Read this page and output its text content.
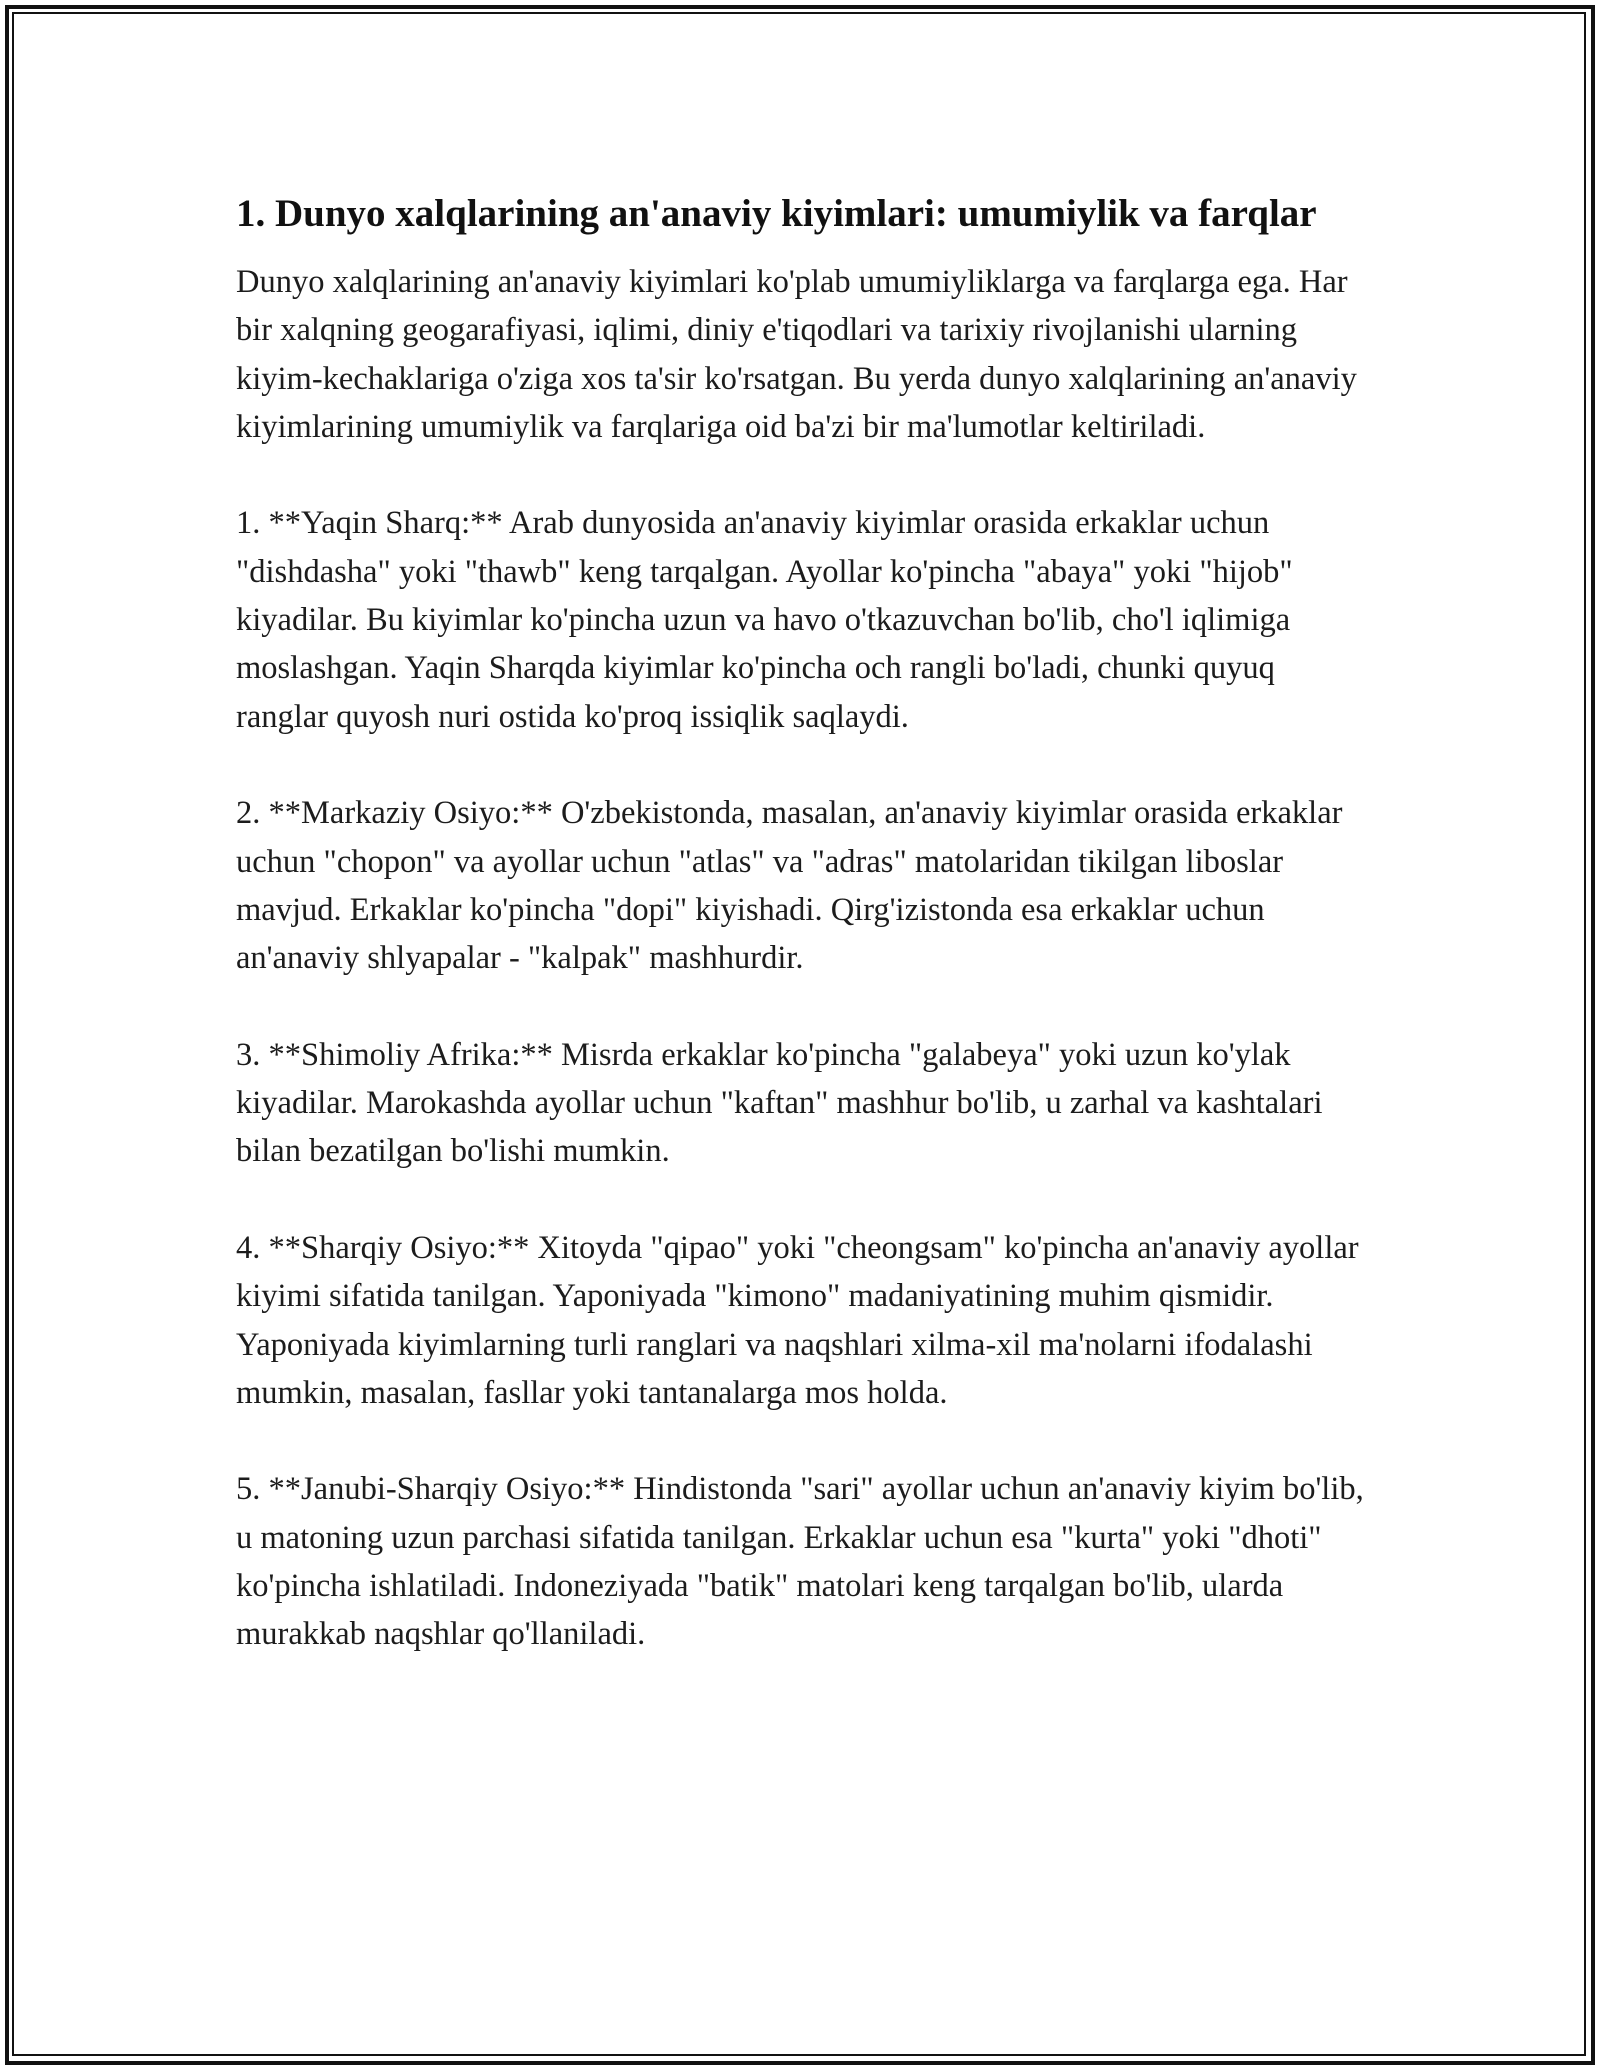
1. Dunyo xalqlarining an'anaviy kiyimlari: umumiylik va farqlar

Dunyo xalqlarining an'anaviy kiyimlari ko'plab umumiyliklarga va farqlarga ega. Har bir xalqning geogarafiyasi, iqlimi, diniy e'tiqodlari va tarixiy rivojlanishi ularning kiyim-kechaklariga o'ziga xos ta'sir ko'rsatgan. Bu yerda dunyo xalqlarining an'anaviy kiyimlarining umumiylik va farqlariga oid ba'zi bir ma'lumotlar keltiriladi.

1. **Yaqin Sharq:** Arab dunyosida an'anaviy kiyimlar orasida erkaklar uchun "dishdasha" yoki "thawb" keng tarqalgan. Ayollar ko'pincha "abaya" yoki "hijob" kiyadilar. Bu kiyimlar ko'pincha uzun va havo o'tkazuvchan bo'lib, cho'l iqlimiga moslashgan. Yaqin Sharqda kiyimlar ko'pincha och rangli bo'ladi, chunki quyuq ranglar quyosh nuri ostida ko'proq issiqlik saqlaydi.

2. **Markaziy Osiyo:** O'zbekistonda, masalan, an'anaviy kiyimlar orasida erkaklar uchun "chopon" va ayollar uchun "atlas" va "adras" matolaridan tikilgan liboslar mavjud. Erkaklar ko'pincha "dopi" kiyishadi. Qirg'izistonda esa erkaklar uchun an'anaviy shlyapalar - "kalpak" mashhurdir.

3. **Shimoliy Afrika:** Misrda erkaklar ko'pincha "galabeya" yoki uzun ko'ylak kiyadilar. Marokashda ayollar uchun "kaftan" mashhur bo'lib, u zarhal va kashtalari bilan bezatilgan bo'lishi mumkin.

4. **Sharqiy Osiyo:** Xitoyda "qipao" yoki "cheongsam" ko'pincha an'anaviy ayollar kiyimi sifatida tanilgan. Yaponiyada "kimono" madaniyatining muhim qismidir. Yaponiyada kiyimlarning turli ranglari va naqshlari xilma-xil ma'nolarni ifodalashi mumkin, masalan, fasllar yoki tantanalarga mos holda.

5. **Janubi-Sharqiy Osiyo:** Hindistonda "sari" ayollar uchun an'anaviy kiyim bo'lib, u matoning uzun parchasi sifatida tanilgan. Erkaklar uchun esa "kurta" yoki "dhoti" ko'pincha ishlatiladi. Indoneziyada "batik" matolari keng tarqalgan bo'lib, ularda murakkab naqshlar qo'llaniladi.
